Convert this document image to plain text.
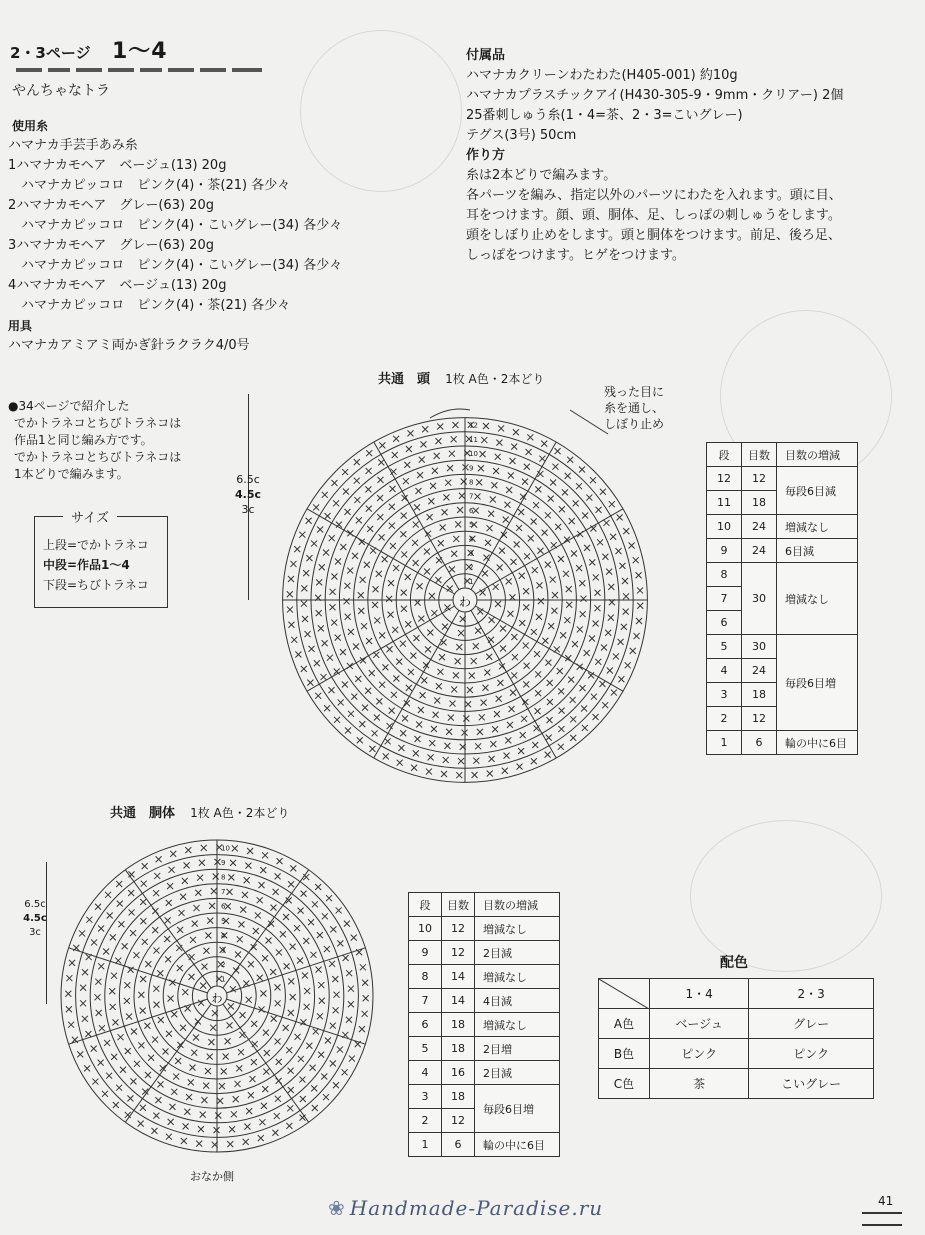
2・3ページ 1〜4
やんちゃなトラ
使用糸
ハマナカ手芸手あみ糸
1ハマナカモヘア　ベージュ(13) 20g
　ハマナカピッコロ　ピンク(4)・茶(21) 各少々
2ハマナカモヘア　グレー(63) 20g
　ハマナカピッコロ　ピンク(4)・こいグレー(34) 各少々
3ハマナカモヘア　グレー(63) 20g
　ハマナカピッコロ　ピンク(4)・こいグレー(34) 各少々
4ハマナカモヘア　ベージュ(13) 20g
　ハマナカピッコロ　ピンク(4)・茶(21) 各少々
用具
ハマナカアミアミ両かぎ針ラクラク4/0号
付属品
ハマナカクリーンわたわた(H405-001) 約10g
ハマナカプラスチックアイ(H430-305-9・9mm・クリアー) 2個
25番刺しゅう糸(1・4=茶、2・3=こいグレー)
テグス(3号) 50cm
作り方
糸は2本どりで編みます。
各パーツを編み、指定以外のパーツにわたを入れます。頭に目、
耳をつけます。顔、頭、胴体、足、しっぽの刺しゅうをします。
頭をしぼり止めをします。頭と胴体をつけます。前足、後ろ足、
しっぽをつけます。ヒゲをつけます。
●34ページで紹介した
でかトラネコとちびトラネコは
作品1と同じ編み方です。
でかトラネコとちびトラネコは
1本どりで編みます。
サイズ
上段=でかトラネコ
中段=作品1〜4
下段=ちびトラネコ
6.5c
4.5c
3c
共通　頭 1枚 A色・2本どり
残った目に
糸を通し、
しぼり止め
わ
12
11
10
9
8
7
6
5
4
3
2
1
段	目数	目数の増減
12	12	毎段6目減
11	18	
10	24	増減なし
9	24	6目減
8	30	増減なし
7		
6		
5	30	毎段6目増
4	24	
3	18	
2	12	
1	6	輪の中に6目
共通　胴体 1枚 A色・2本どり
6.5c
4.5c
3c
わ
10
9
8
7
6
5
4
3
2
1
おなか側
段	目数	目数の増減
10	12	増減なし
9	12	2目減
8	14	増減なし
7	14	4目減
6	18	増減なし
5	18	2目増
4	16	2目減
3	18	毎段6目増
2	12	
1	6	輪の中に6目
配色
	1・4	2・3
A色	ベージュ	グレー
B色	ピンク	ピンク
C色	茶	こいグレー
❀ Handmade-Paradise.ru	41
